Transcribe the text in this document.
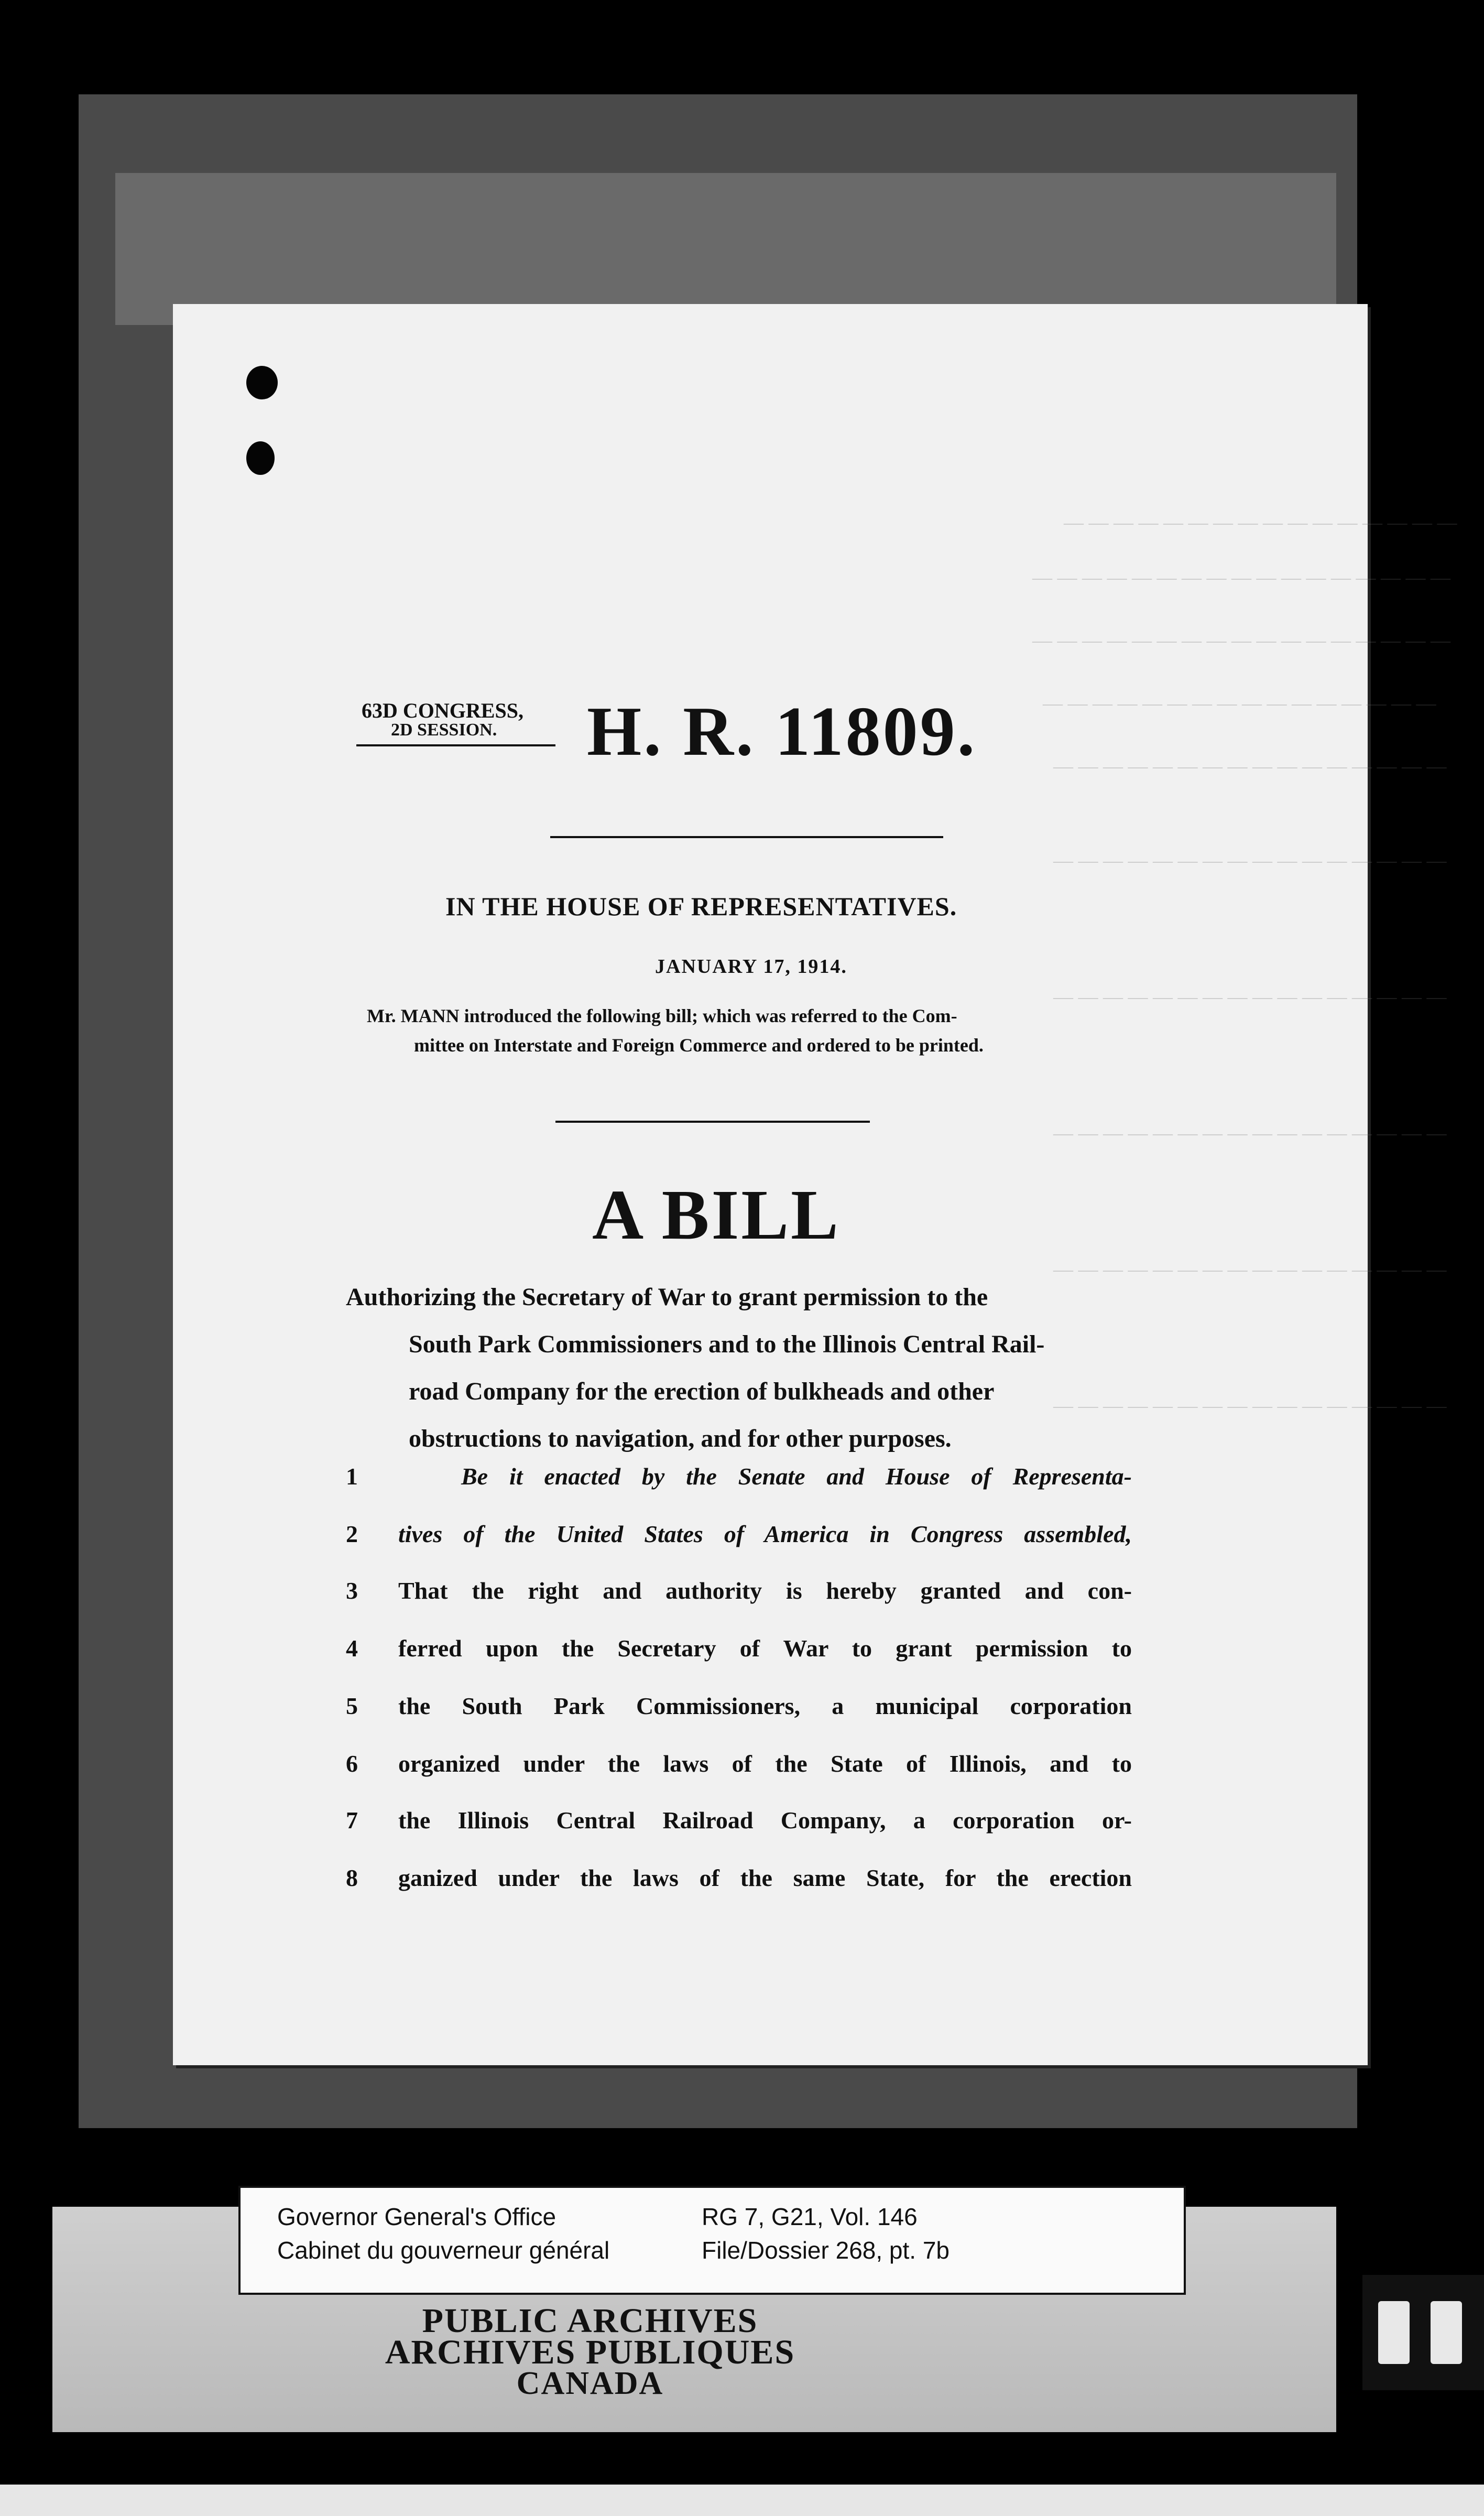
— — — — — — — — — — — — — — — —
— — — — — — — — — — — — — — — — —
— — — — — — — — — — — — — — — — —
— — — — — — — — — — — — — — — —
— — — — — — — — — — — — — — — —
— — — — — — — — — — — — — — — —
— — — — — — — — — — — — — — — —
— — — — — — — — — — — — — — — —
— — — — — — — — — — — — — — — —
— — — — — — — — — — — — — — — —
63D CONGRESS,
2D SESSION. H. R. 11809.
IN THE HOUSE OF REPRESENTATIVES.
JANUARY 17, 1914.
Mr. MANN introduced the following bill; which was referred to the Com-
mittee on Interstate and Foreign Commerce and ordered to be printed.
A BILL
Authorizing the Secretary of War to grant permission to the
South Park Commissioners and to the Illinois Central Rail-
road Company for the erection of bulkheads and other
obstructions to navigation, and for other purposes.
1	Be it enacted by the Senate and House of Representa-
2 tives of the United States of America in Congress assembled,
3 That the right and authority is hereby granted and con-
4 ferred upon the Secretary of War to grant permission to
5 the South Park Commissioners, a municipal corporation
6 organized under the laws of the State of Illinois, and to
7 the Illinois Central Railroad Company, a corporation or-
8 ganized under the laws of the same State, for the erection
Governor General's Office
Cabinet du gouverneur général
RG 7, G21, Vol. 146
File/Dossier 268, pt. 7b
PUBLIC ARCHIVES
ARCHIVES PUBLIQUES
CANADA
